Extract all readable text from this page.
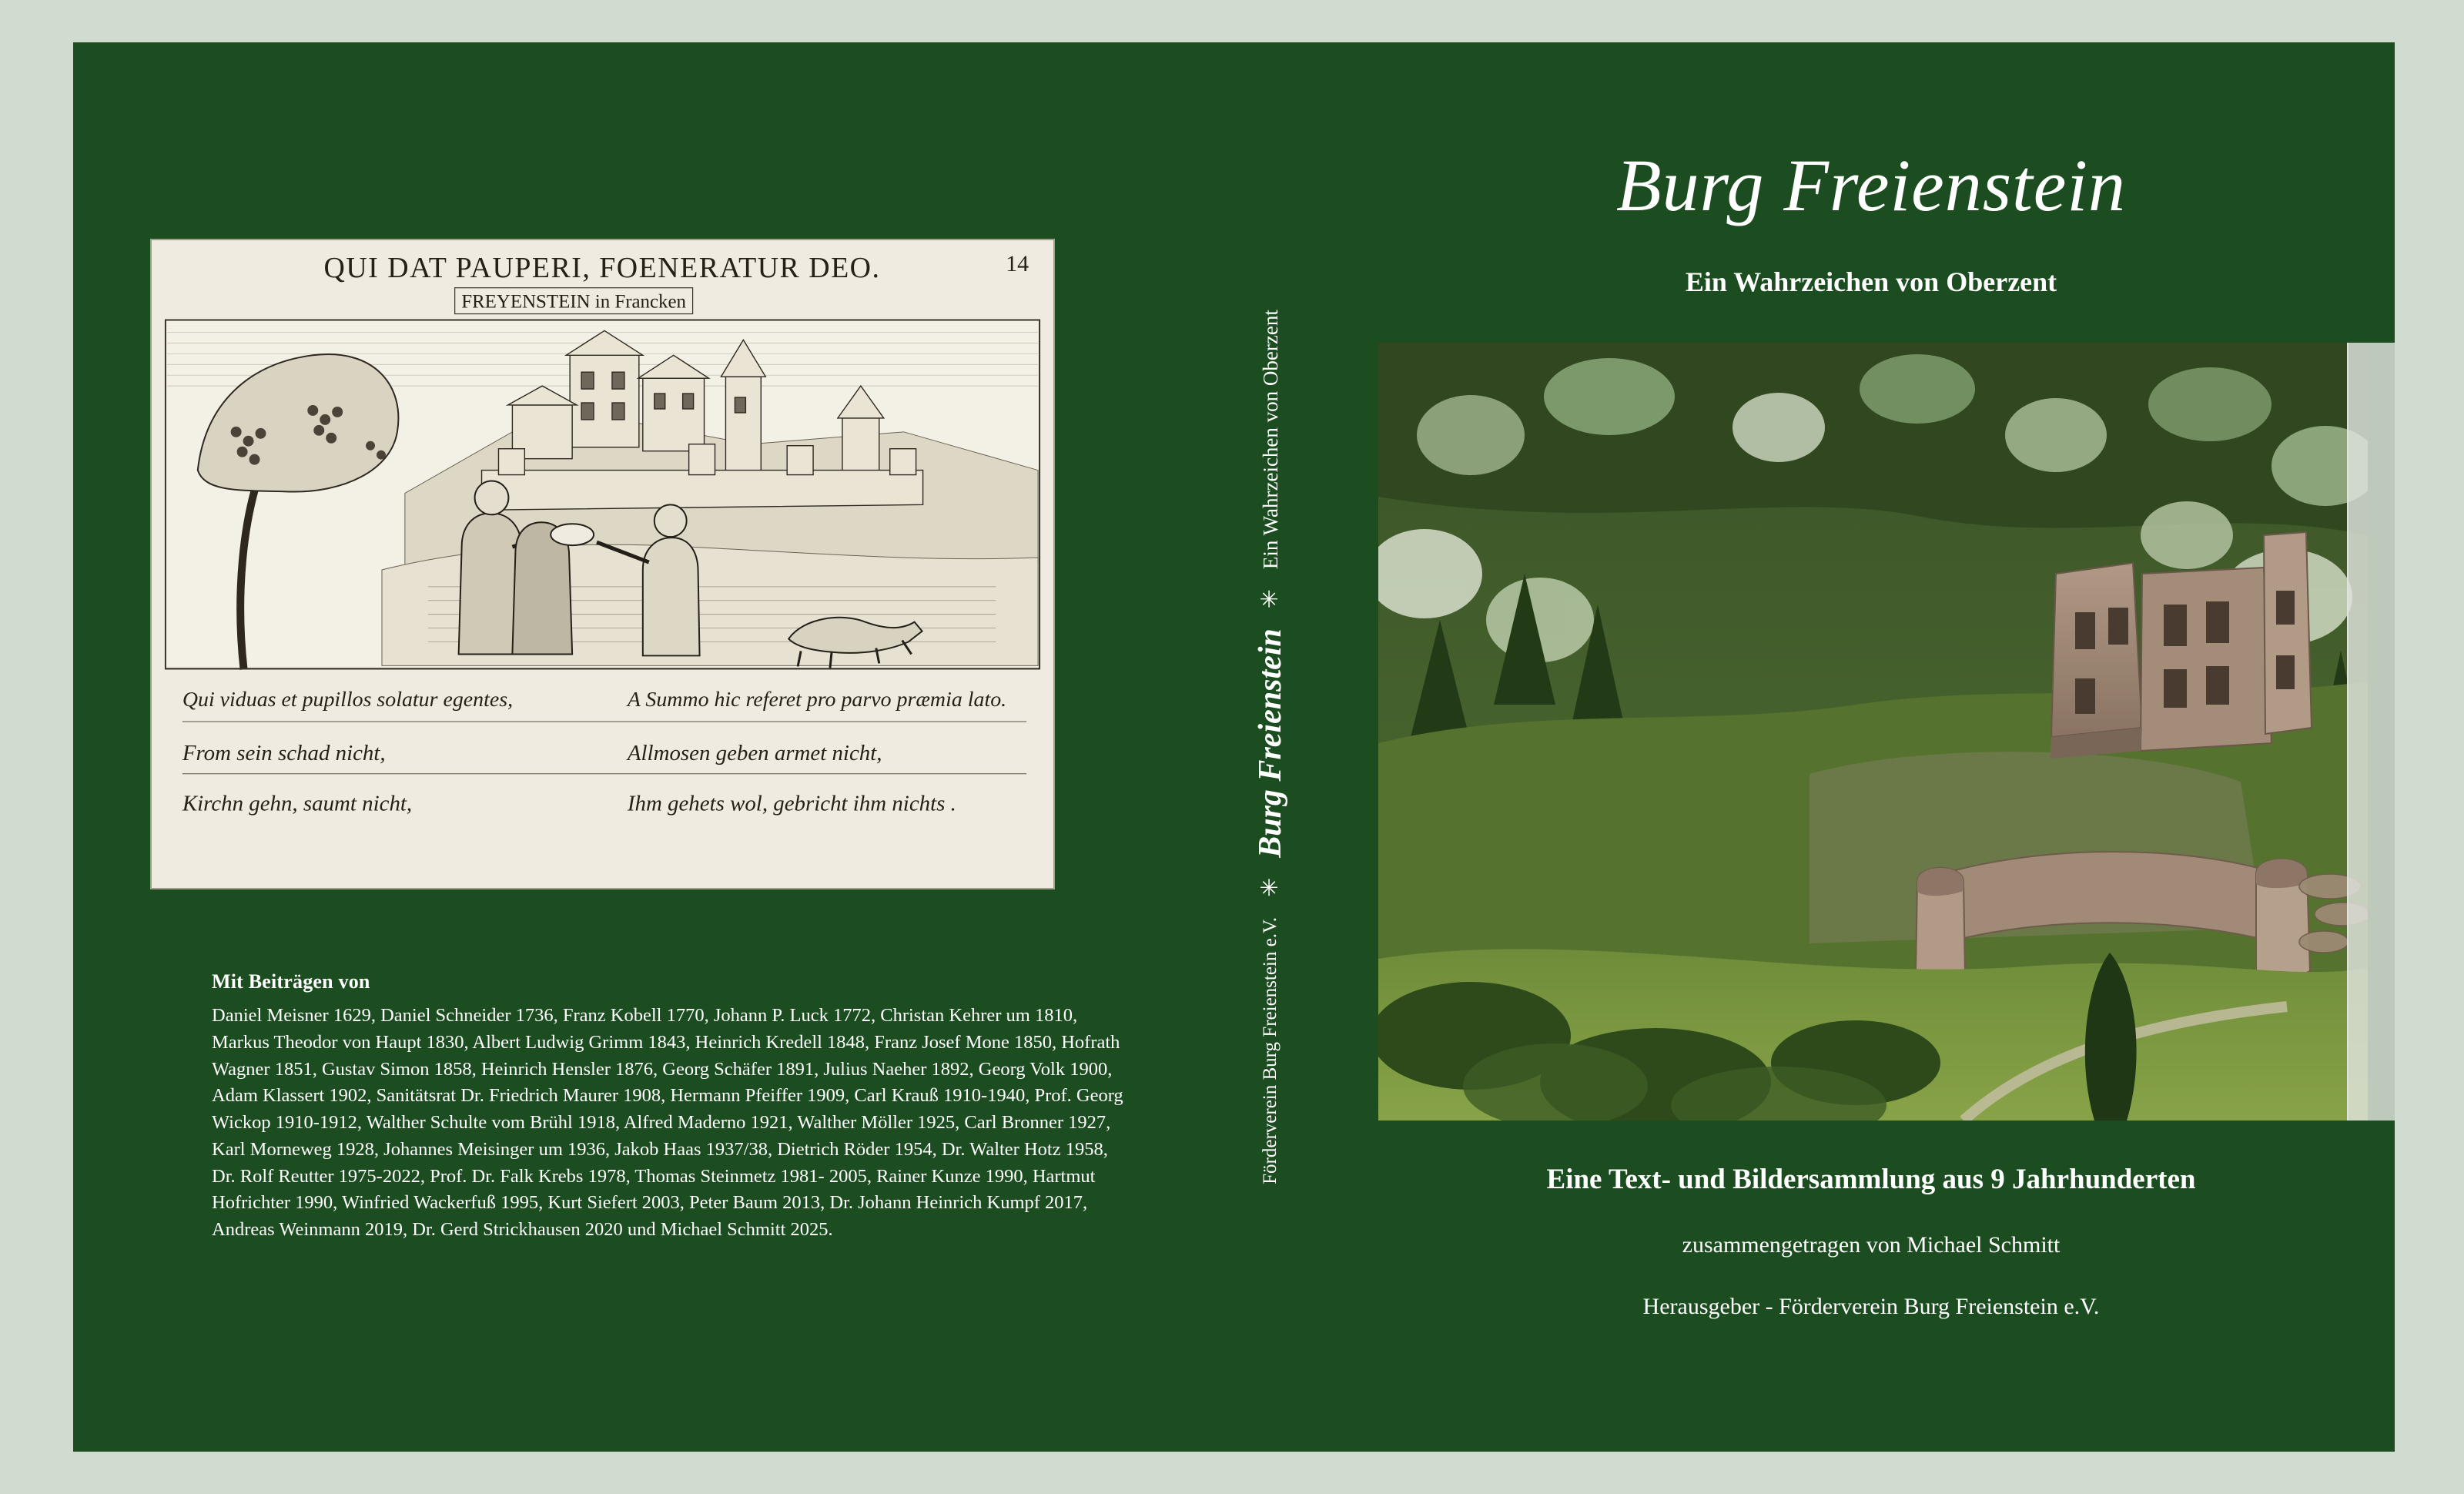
QUI DAT PAUPERI, FOENERATUR DEO.	14
FREYENSTEIN in Francken
Qui viduas et pupillos solatur egentes,	A Summo hic referet pro parvo præmia lato.
From sein schad nicht,	Allmosen geben armet nicht,
Kirchn gehn, saumt nicht,	Ihm gehets wol, gebricht ihm nichts .
Mit Beiträgen von
Daniel Meisner 1629, Daniel Schneider 1736, Franz Kobell 1770, Johann P. Luck 1772, Christan Kehrer um 1810, Markus Theodor von Haupt 1830, Albert Ludwig Grimm 1843, Heinrich Kredell 1848, Franz Josef Mone 1850, Hofrath Wagner 1851, Gustav Simon 1858, Heinrich Hensler 1876, Georg Schäfer 1891, Julius Naeher 1892, Georg Volk 1900, Adam Klassert 1902, Sanitätsrat Dr. Friedrich Maurer 1908, Hermann Pfeiffer 1909, Carl Krauß 1910-1940, Prof. Georg Wickop 1910-1912, Walther Schulte vom Brühl 1918, Alfred Maderno 1921, Walther Möller 1925, Carl Bronner 1927, Karl Morneweg 1928, Johannes Meisinger um 1936, Jakob Haas 1937/38, Dietrich Röder 1954, Dr. Walter Hotz 1958, Dr. Rolf Reutter 1975-2022, Prof. Dr. Falk Krebs 1978, Thomas Steinmetz 1981- 2005, Rainer Kunze 1990, Hartmut Hofrichter 1990, Winfried Wackerfuß 1995, Kurt Siefert 2003, Peter Baum 2013, Dr. Johann Heinrich Kumpf 2017, Andreas Weinmann 2019, Dr. Gerd Strickhausen 2020 und Michael Schmitt 2025.
Förderverein Burg Freienstein e.V.
✳
Burg Freienstein
✳
Ein Wahrzeichen von Oberzent
Burg Freienstein
Ein Wahrzeichen von Oberzent
Eine Text- und Bildersammlung aus 9 Jahrhunderten
zusammengetragen von Michael Schmitt
Herausgeber - Förderverein Burg Freienstein e.V.
